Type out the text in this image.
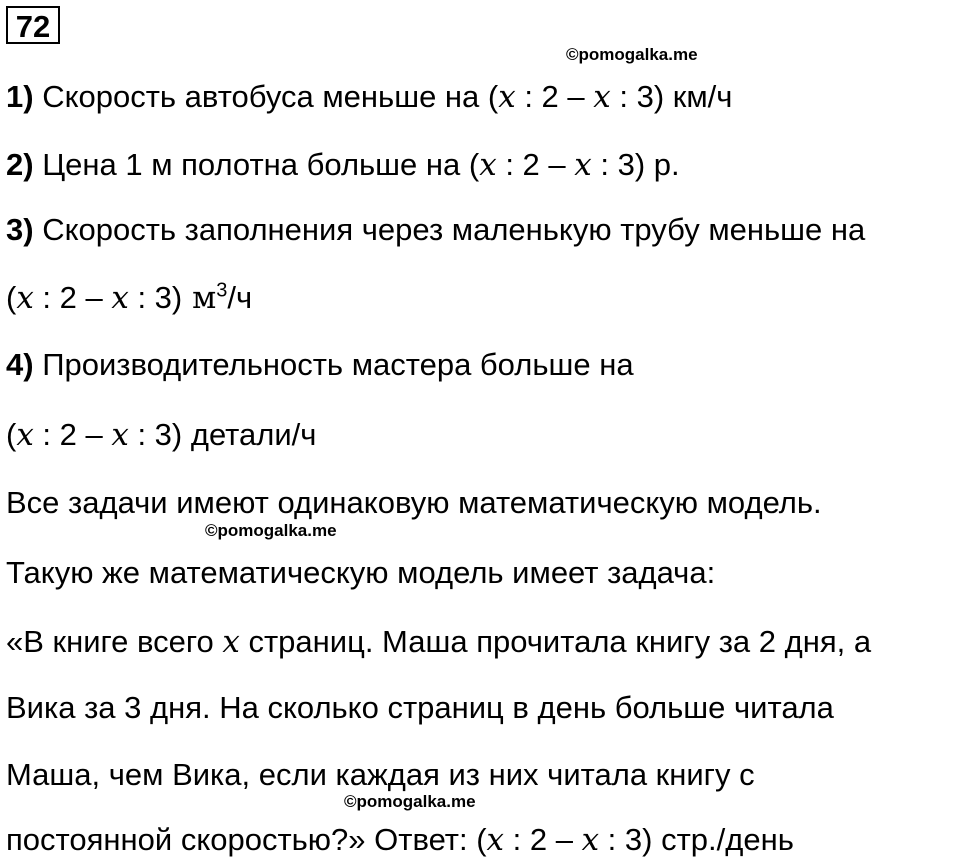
72
©pomogalka.me
©pomogalka.me
©pomogalka.me
1) Скорость автобуса меньше на (x : 2 – x : 3) км/ч
2) Цена 1 м полотна больше на (x : 2 – x : 3) р.
3) Скорость заполнения через маленькую трубу меньше на
(x : 2 – x : 3) $м^3/ч$
4) Производительность мастера больше на
(x : 2 – x : 3) детали/ч
Все задачи имеют одинаковую математическую модель.
Такую же математическую модель имеет задача:
«В книге всего x страниц. Маша прочитала книгу за 2 дня, а
Вика за 3 дня. На сколько страниц в день больше читала
Маша, чем Вика, если каждая из них читала книгу с
постоянной скоростью?» Ответ: (x : 2 – x : 3) стр./день
